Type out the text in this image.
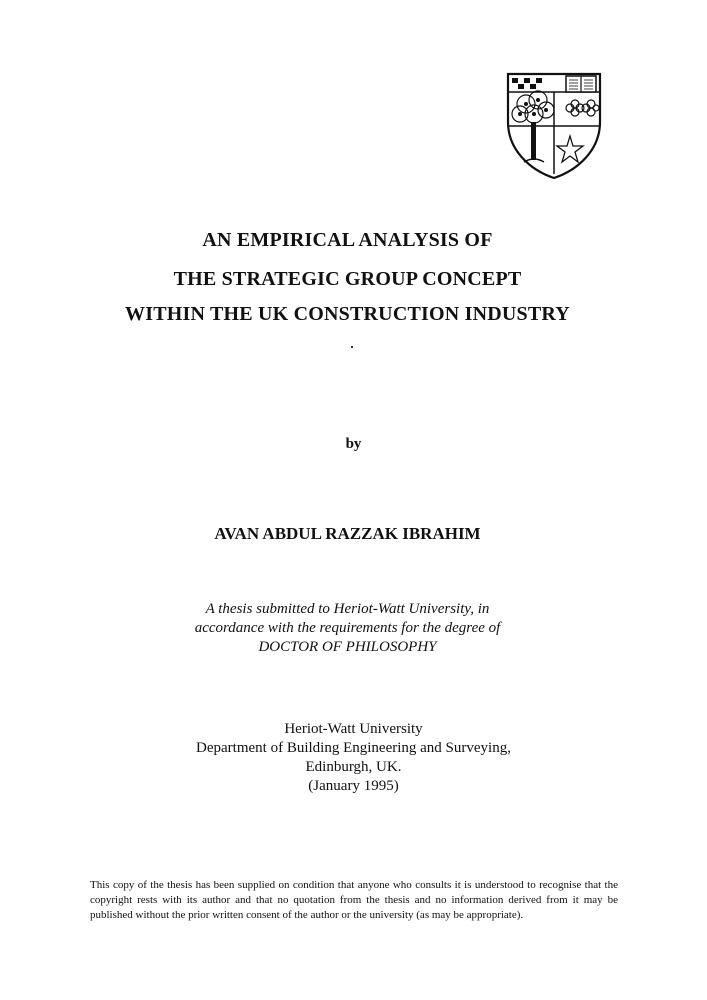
AN EMPIRICAL ANALYSIS OF
THE STRATEGIC GROUP CONCEPT
WITHIN THE UK CONSTRUCTION INDUSTRY
by
AVAN ABDUL RAZZAK IBRAHIM
A thesis submitted to Heriot-Watt University, in
accordance with the requirements for the degree of
DOCTOR OF PHILOSOPHY
Heriot-Watt University
Department of Building Engineering and Surveying,
Edinburgh, UK.
(January 1995)
This copy of the thesis has been supplied on condition that anyone who consults it is understood to recognise that the copyright rests with its author and that no quotation from the thesis and no information derived from it may be published without the prior written consent of the author or the university (as may be appropriate).
